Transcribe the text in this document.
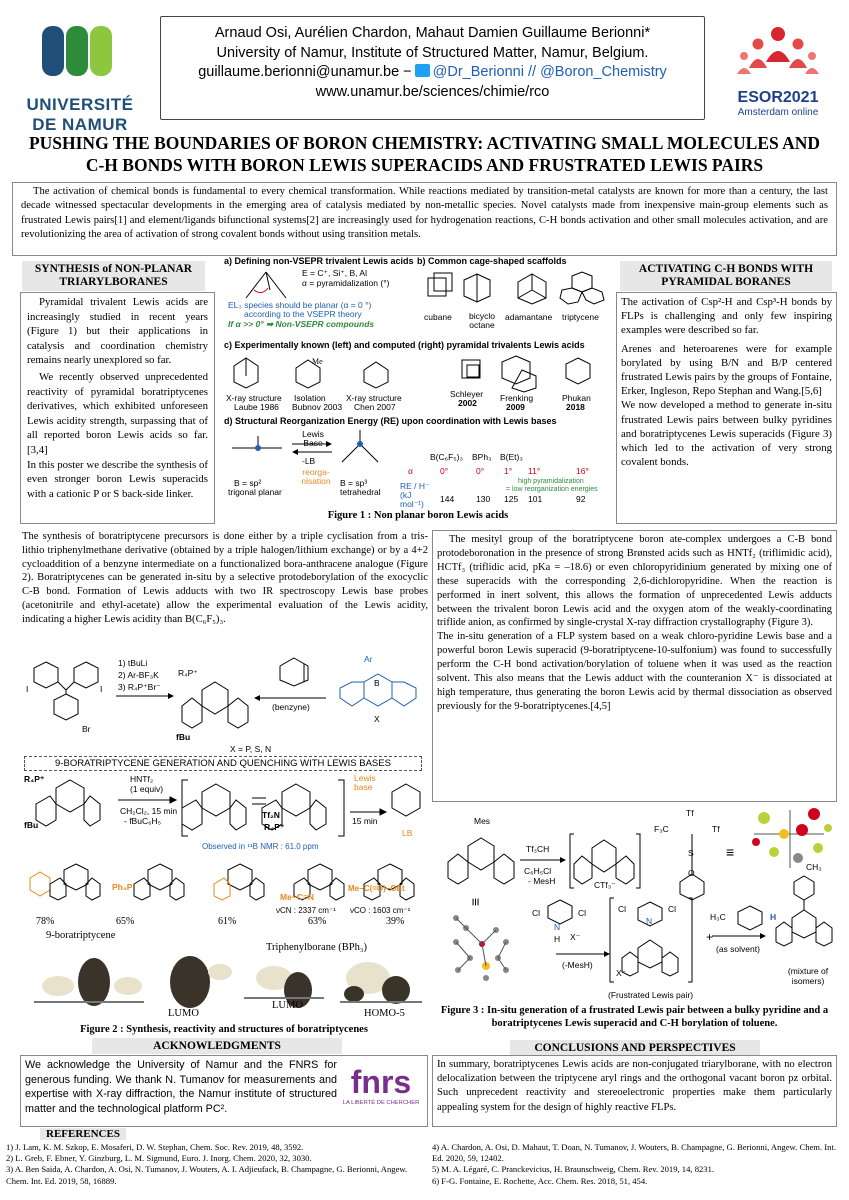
UNIVERSITÉ
DE NAMUR
Arnaud Osi, Aurélien Chardon, Mahaut Damien Guillaume Berionni*
University of Namur, Institute of Structured Matter, Namur, Belgium.
guillaume.berionni@unamur.be − @Dr_Berionni // @Boron_Chemistry
www.unamur.be/sciences/chimie/rco	ESOR2021
Amsterdam online
PUSHING THE BOUNDARIES OF BORON CHEMISTRY: ACTIVATING SMALL MOLECULES AND C-H BONDS WITH BORON LEWIS SUPERACIDS AND FRUSTRATED LEWIS PAIRS
The activation of chemical bonds is fundamental to every chemical transformation. While reactions mediated by transition-metal catalysts are known for more than a century, the last decade witnessed spectacular developments in the emerging area of catalysis mediated by non-metallic species. Novel catalysts made from inexpensive main-group elements such as frustrated Lewis pairs[1] and element/ligands bifunctional systems[2] are increasingly used for hydrogenation reactions, C-H bonds activation and other small molecules activation, and are revolutionizing the area of activation of strong covalent bonds without using transition metals.
SYNTHESIS of NON-PLANAR TRIARYLBORANES
Pyramidal trivalent Lewis acids are increasingly studied in recent years (Figure 1) but their applications in catalysis and coordination chemistry remains nearly unexplored so far.
We recently observed unprecedented reactivity of pyramidal boratriptycenes derivatives, which exhibited unforeseen Lewis acidity strength, surpassing that of all reported boron Lewis acids so far.[3,4]
In this poster we describe the synthesis of even stronger boron Lewis superacids with a cationic P or S back-side linker.
a) Defining non-VSEPR trivalent Lewis acids
E = C⁺, Si⁺, B, Al
α = pyramidalization (°)
EL₃ species should be planar (α = 0 °)
according to the VSEPR theory
If α >> 0° ➡ Non-VSEPR compounds
b) Common cage-shaped scaffolds
cubane	bicyclo octane
adamantane triptycene
c) Experimentally known (left) and computed (right) pyramidal trivalents Lewis acids
Me
X-ray structure
Laube 1986
Isolation
Bubnov 2003
X-ray structure
Chen 2007
Schleyer
2002	Frenking
2009
Phukan
2018
d) Structural Reorganization Energy (RE) upon coordination with Lewis bases
Lewis Base
-LB
reorga-nisation
B = sp²
trigonal planar
B = sp³
tetrahedral
B(C₆F₅)₃ BPh₃ B(Et)₃
α	0°	0° 1° 11°	16°
high pyramidalization
= low reorganization energies
RE / H⁻ (kJ mol⁻¹)	144	130 125 101	92
Figure 1 : Non planar boron Lewis acids
ACTIVATING C-H BONDS WITH PYRAMIDAL BORANES
The activation of Csp²-H and Csp³-H bonds by FLPs is challenging and only few inspiring examples were described so far.
Arenes and heteroarenes were for example borylated by using B/N and B/P centered frustrated Lewis pairs by the groups of Fontaine, Erker, Ingleson, Repo Stephan and Wang.[5,6]
We now developed a method to generate in-situ frustrated Lewis pairs between bulky pyridines and boratriptycenes Lewis superacids (Figure 3) which led to the activation of very strong covalent bonds.
The synthesis of boratriptycene precursors is done either by a triple cyclisation from a tris-lithio triphenylmethane derivative (obtained by a triple halogen/lithium exchange) or by a 4+2 cycloaddition of a benzyne intermediate on a functionalized bora-anthracene analogue (Figure 2). Boratriptycenes can be generated in-situ by a selective protodeborylation of the exocyclic C-B bond. Formation of Lewis adducts with two IR spectroscopy Lewis base probes (acetonitrile and ethyl-acetate) allow the experimental evaluation of the Lewis acidity, indicating a higher Lewis acidity than B(C₆F₅)₃.
I	I
Br
1) tBuLi
2) Ar-BF₃K
3) R₄P⁺Br⁻
R₄P⁺
fBu
X = P, S, N
(benzyne)
Ar
B
X
9-BORATRIPTYCENE GENERATION AND QUENCHING WITH LEWIS BASES
R₄P⁺
fBu
HNTf₂
(1 equiv)
CH₂Cl₂, 15 min
- fBuC₆H₅
Tf₂N
R₄P⁺
Lewis base
15 min
LB
Observed in ¹¹B NMR : 61.0 ppm
Ph₃P
Me−C≡N
Me−C(=O)−OEt
νCN : 2337 cm⁻¹ νCO : 1603 cm⁻¹
78%	65%	61%	63%	39%
9-boratriptycene
Triphenylborane (BPh₃)
LUMO
LUMO
HOMO-5
Figure 2 : Synthesis, reactivity and structures of boratriptycenes
The mesityl group of the boratriptycene boron ate-complex undergoes a C-B bond protodeboronation in the presence of strong Brønsted acids such as HNTf₂ (triflimidic acid), HCTf₃ (triflidic acid, pKa = –18.6) or even chloropyridinium generated by mixing one of these superacids with the corresponding 2,6-dichloropyridine. When the reaction is performed in inert solvent, this allows the formation of unprecedented Lewis adducts between the trivalent boron Lewis acid and the oxygen atom of the weakly-coordinating triflide anion, as confirmed by single-crystal X-ray diffraction crystallography (Figure 3).
The in-situ generation of a FLP system based on a weak chloro-pyridine Lewis base and a powerful boron Lewis superacid (9-boratriptycene-10-sulfonium) was found to successfully perform the C-H bond activation/borylation of toluene when it was used as the reaction solvent. This also means that the Lewis adduct with the counteranion X⁻ is dissociated at high temperature, thus generating the boron Lewis acid by thermal dissociation as observed previously for the 9-boratriptycenes.[4,5]
Mes
Tf₃CH
C₆H₅Cl
- MesH	CTf₃⁻
Tf
F₃C	Tf
S
O
≡
≡
Cl	Cl
N
H X⁻
(-MesH)
Cl	Cl
N
X⁻
(Frustrated Lewis pair)
+
H₃C	H
(as solvent)
CH₃
(mixture of isomers)
Figure 3 : In-situ generation of a frustrated Lewis pair between a bulky pyridine and a boratriptycenes Lewis superacid and C-H borylation of toluene.
ACKNOWLEDGMENTS
We acknowledge the University of Namur and the FNRS for generous funding. We thank N. Tumanov for measurements and expertise with X-ray diffraction, the Namur institute of structured matter and the technological platform PC².
fnrs
LA LIBERTÉ DE CHERCHER
CONCLUSIONS AND PERSPECTIVES
In summary, boratriptycenes Lewis acids are non-conjugated triarylborane, with no electron delocalization between the triptycene aryl rings and the orthogonal vacant boron pz orbital. Such unprecedent reactivity and stereoelectronic properties make them particularly appealing system for the design of highly reactive FLPs.
REFERENCES
1) J. Lam, K. M. Szkop, E. Mosaferi, D. W. Stephan, Chem. Soc. Rev. 2019, 48, 3592.
2) L. Greb, F. Ebner, Y. Ginzburg, L. M. Sigmund, Euro. J. Inorg. Chem. 2020, 32, 3030.
3) A. Ben Saida, A. Chardon, A. Osi, N. Tumanov, J. Wouters, A. I. Adjieufack, B. Champagne, G. Berionni, Angew. Chem. Int. Ed. 2019, 58, 16889.
4) A. Chardon, A. Osi, D. Mahaut, T. Doan, N. Tumanov, J. Wouters, B. Champagne, G. Berionni, Angew. Chem. Int. Ed. 2020, 59, 12402.
5) M. A. Légaré, C. Pranckevicius, H. Braunschweig, Chem. Rev. 2019, 14, 8231.
6) F-G. Fontaine, E. Rochette, Acc. Chem. Res. 2018, 51, 454.
